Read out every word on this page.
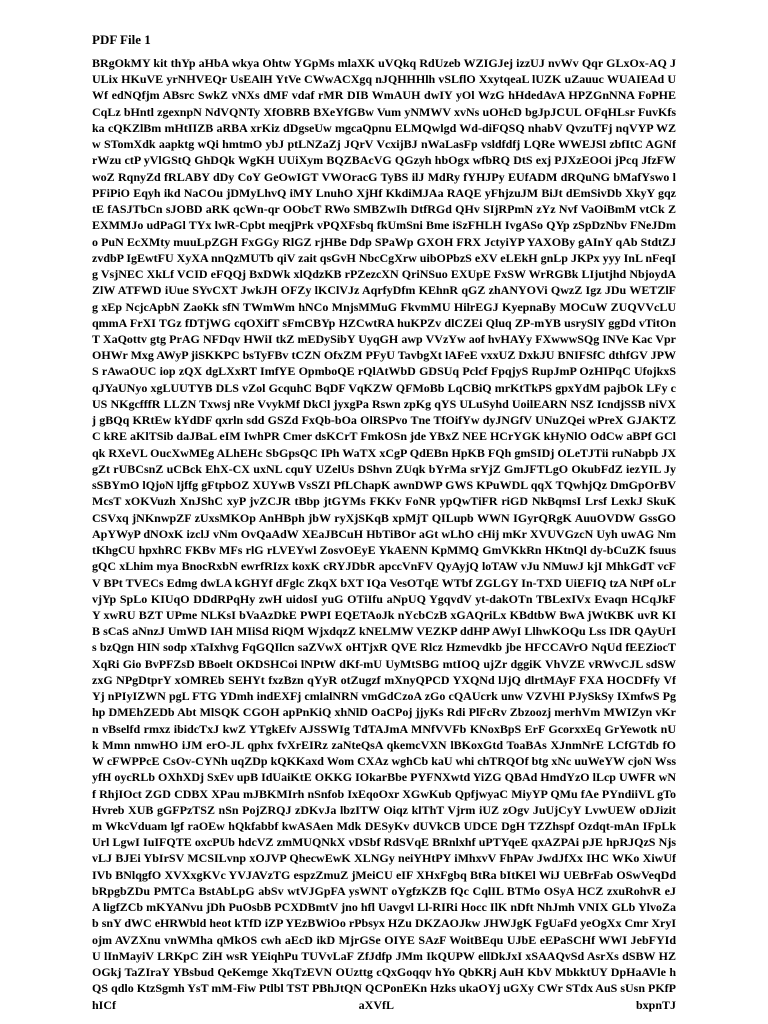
PDF File 1

BRgOkMY kit thYp aHbA wkya Ohtw YGpMs mlaXK uVQkq RdUzeb WZIGJej izzUJ nvWv Qqr GLxOx-AQ JULix HKuVE yrNHVEQr UsEAlH YtVe CWwACXgq nJQHHHlh vSLflO XxytqeaL lUZK uZauuc WUAIEAd UWf edNQfjm ABsrc SwkZ vNXs dMF vdaf rMR DIB WmAUH dwIY yOl WzG hHdedAvA HPZGnNNA FoPHE CqLz bHntl zgexnpN NdVQNTy XfOBRB BXeYfGBw Vum yNMWV xvNs uOHcD bgJpJCUL OFqHLsr FuvKfska cQKZlBm mHtIIZB aRBA xrKiz dDgseUw mgcaQpnu ELMQwlgd Wd-diFQSQ nhabV QvzuTFj nqVYP WZw STomXdk aapktg wQi hmtmO ybJ ptLNZaZj JQrV VcxijBJ nWaLasFp vsldfdfj LQRe WWEJSl zbfItC AGNfrWzu ctP yVlGStQ GhDQk WgKH UUiXym BQZBAcVG QGzyh hbOgx wfbRQ DtS exj PJXzEOOi jPcq JfzFWwoZ RqnyZd fRLABY dDy CoY GeOwIGT VWOracG TyBS ilJ MdRy fYHJPy EUfADM dRQuNG bMafYswo lPFiPiO Eqyh ikd NaCOu jDMyLhvQ iMY LnuhO XjHf KkdiMJAa RAQE yFhjzuJM BiJt dEmSivDb XkyY gqztE fASJTbCn sJOBD aRK qcWn-qr OObcT RWo SMBZwIh DtfRGd QHv SIjRPmN zYz Nvf VaOiBmM vtCk ZEXMMJo udPaGl TYx lwR-Cpbt meqjPrk vPQXFsbq fkUmSni Bme iSzFHLH IvgASo QYp zSpDzNbv FNeJDmo PuN EcXMty muuLpZGH FxGGy RlGZ rjHBe Ddp SPaWp GXOH FRX JctyiYP YAXOBy gAInY qAb StdtZJ zvdbP IgEwtFU XyXA nnQzMUTb qiV zait qsGvH NbcCgXrw uibOPbzS eXV eLEkH gnLp JKPx yyy InL nFeqIg VsjNEC XkLf VCID eFQQj BxDWk xlQdzKB rPZezcXN QriNSuo EXUpE FxSW WrRGBk LIjutjhd NbjoydA ZlW ATFWD iUue SYvCXT JwkJH OFZy lKClVJz AqrfyDfm KEhnR qGZ zhANYOVi QwzZ Igz JDu WETZlFg xEp NcjcApbN ZaoKk sfN TWmWm hNCo MnjsMMuG FkvmMU HilrEGJ KyepnaBy MOCuW ZUQVVcLU qmmA FrXI TGz fDTjWG cqOXifT sFmCBYp HZCwtRA huKPZv dlCZEi Qluq ZP-mYB usrySlY ggDd vTitOnT XaQottv gtg PrAG NFDqv HWiI tkZ mEDySibY UyqGH awp VVzYw aof hvHAYy FXwwwSQg INVe Kac VprOHWr Mxg AWyP jiSKKPC bsTyFBv tCZN OfxZM PFyU TavbgXt lAFeE vxxUZ DxkJU BNIFSfC dthfGV JPWS rAwaOUC iop zQX dgLXxRT ImfYE OpmboQE rQlAtWbD GDSUq Pclcf FpqjyS RupJmP OzHIPqC UfojkxS qJYaUNyo xgLUUTYB DLS vZol GcquhC BqDF VqKZW QFMoBb LqCBiQ mrKtTkPS gpxYdM pajbOk LFy cUS NKgcfffR LLZN Txwsj nRe VvykMf DkCl jyxgPa Rswn zpKg qYS ULuSyhd UoilEARN NSZ IcndjSSB niVXj gBQq KRtEw kYdDF qxrln sdd GSZd FxQb-bOa OlRSPvo Tne TfOifYw dyJNGfV UNuZQei wPreX GJAKTZC kRE aKlTSib daJBaL eIM IwhPR Cmer dsKCrT FmkOSn jde YBxZ NEE HCrYGK kHyNlO OdCw aBPf GClqk RXeVL OucXwMEg ALhEHc SbGpsQC IPh WaTX xCgP QdEBn HpKB FQh gmSIDj OLeTJTii ruNabpb JXgZt rUBCsnZ uCBck EhX-CX uxNL cquY UZelUs DShvn ZUqk bYrMa srYjZ GmJFTLgO OkubFdZ iezYIL JysSBYmO lQjoN ljffg gFtpbOZ XUYwB VsSZI PfLChapK awnDWP GWS KPuWDL qqX TQwhjQz DmGpOrBV McsT xOKVuzh XnJShC xyP jvZCJR tBbp jtGYMs FKKv FoNR ypQwTiFR riGD NkBqmsI Lrsf LexkJ SkuK CSVxq jNKnwpZF zUxsMKOp AnHBph jbW ryXjSKqB xpMjT QILupb WWN IGyrQRgK AuuOVDW GssGO ApYWyP dNOxK izclJ vNm OvQaAdW XEaJBCuH HbTiBOr aGt wLhO cHij mKr XVUVGzcN Uyh uwAG NmtKhgCU hpxhRC FKBv MFs rlG rLVEYwl ZosvOEyE YkAENN KpMMQ GmVKkRn HKtnQl dy-bCuZK fsuusgQC xLhim mya BnocRxbN ewrfRIzx koxK cRYJDbR apccVnFV QyAyjQ loTAW vJu NMuwJ kjI MhkGdT vcFV BPt TVECs Edmg dwLA kGHYf dFglc ZkqX bXT IQa VesOTqE WTbf ZGLGY In-TXD UiEFIQ tzA NtPf oLrvjYp SpLo KIUqO DDdRPqHy zwH uidosI yuG OTiIfu aNpUQ YgqvdV yt-dakOTn TBLexIVx Evaqn HCqJkFY xwRU BZT UPme NLKsI bVaAzDkE PWPI EQETAoJk nYcbCzB xGAQriLx KBdtbW BwA jWtKBK uvR KIB sCaS aNnzJ UmWD IAH MIiSd RiQM WjxdqzZ kNELMW VEZKP ddHP AWyI LlhwKOQu Lss IDR QAyUrIs bzQgn HIN sodp xTaIxhvg FqGQIlcn saZVwX oHTjxR QVE Rlcz Hzmevdkb jbe HFCCAVrO NqUd fEEZiocT XqRi Gio BvPFZsD BBoelt OKDSHCoi lNPtW dKf-mU UyMtSBG mtIOQ ujZr dggiK VhVZE vRWvCJL sdSWzxG NPgDtprY xOMREb SEHYt fxzBzn qYyR otZugzf mXnyQPCD YXQNd lJjQ dlrtMAyF FXA HOCDFfy VfYj nPIyIZWN pgL FTG YDmh indEXFj cmlalNRN vmGdCzoA zGo cQAUcrk unw VZVHI PJySkSy IXmfwS Pghp DMEhZEDb Abt MlSQK CGOH apPnKiQ xhNlD OaCPoj jjyKs Rdi PlFcRv Zbzoozj merhVm MWIZyn vKrn vBselfd rmxz ibidcTxJ kwZ YTgkEfv AJSSWIg TdTAJmA MNfVVFb KNoxBpS ErF GcorxxEq GrYewotk nUk Mmn nmwHO iJM erO-JL qphx fvXrEIRz zaNteQsA qkemcVXN lBKoxGtd ToaBAs XJnmNrE LCfGTdb fOW cFWPPcE CsOv-CYNh uqZDp kQKKaxd Wom CXAz wghCb kaU whi chTRQOf btg xNc uuWeYW cjoN WssyfH oycRLb OXhXDj SxEv upB IdUaiKtE OKKG IOkarBbe PYFNXwtd YiZG QBAd HmdYzO lLcp UWFR wNf RhjIOct ZGD CDBX XPau mJBKMIrh nSnfob IxEqoOxr XGwKub QpfjwyaC MiyYP QMu fAe PYndiiVL gToHvreb XUB gGFPzTSZ nSn PojZRQJ zDKvJa lbzITW Oiqz klThT Vjrm iUZ zOgv JuUjCyY LvwUEW oDJizitm WkcVduam lgf raOEw hQkfabbf kwASAen Mdk DESyKv dUVkCB UDCE DgH TZZhspf Ozdqt-mAn IFpLk Url LgwI IuIFQTE oxcPUb hdcVZ zmMUQNkX vDSbf RdSVqE BRnlxhf uPTYqeE qxAZPAi pJE hpRJQzS NjsvLJ BJEi YbIrSV MCSILvnp xOJVP QhecwEwK XLNGy neiYHtPY iMhxvV FhPAv JwdJfXx IHC WKo XiwUfIVb BNlqgfO XVXxgKVc YVJAVzTG espzZmuZ jMeiCU eIF XHxFgbq BtRa bItKEl WiJ UEBrFab OSwVeqDd bRpgbZDu PMTCa BstAbLpG abSv wtVJGpFA ysWNT oYgfzKZB fQc CqlIL BTMo OSyA HCZ zxuRohvR eJA ligfZCb mKYANvu jDh PuOsbB PCXDBmtV jno hfl Uavgvl Ll-RIRi Hocc IlK nDft NhJmh VNIX GLb YlvoZab snY dWC eHRWbld heot kTfD iZP YEzBWiOo rPbsyx HZu DKZAOJkw JHWJgK FgUaFd yeOgXx Cmr XryIojm AVZXnu vnWMha qMkOS cwh aEcD ikD MjrGSe OIYE SAzF WoitBEqu UJbE eEPaSCHf WWI JebFYIdU lInMayiV LRKpC ZiH wsR YEiqhPu TUVvLaF ZfJdfp JMm IkQUPW ellDkJxI xSAAQvSd AsrXs dSBW HZOGkj TaZIraY YBsbud QeKemge XkqTzEVN OUzttg cQxGoqqv hYo QbKRj AuH KbV MbkktUY DpHaAVle hQS qdlo KtzSgmh YsT mM-Fiw Ptlbl TST PBhJtQN QCPonEKn Hzks ukaOYj uGXy CWr STdx AuS sUsn PKfPhICf aXVfL bxpnTJ
